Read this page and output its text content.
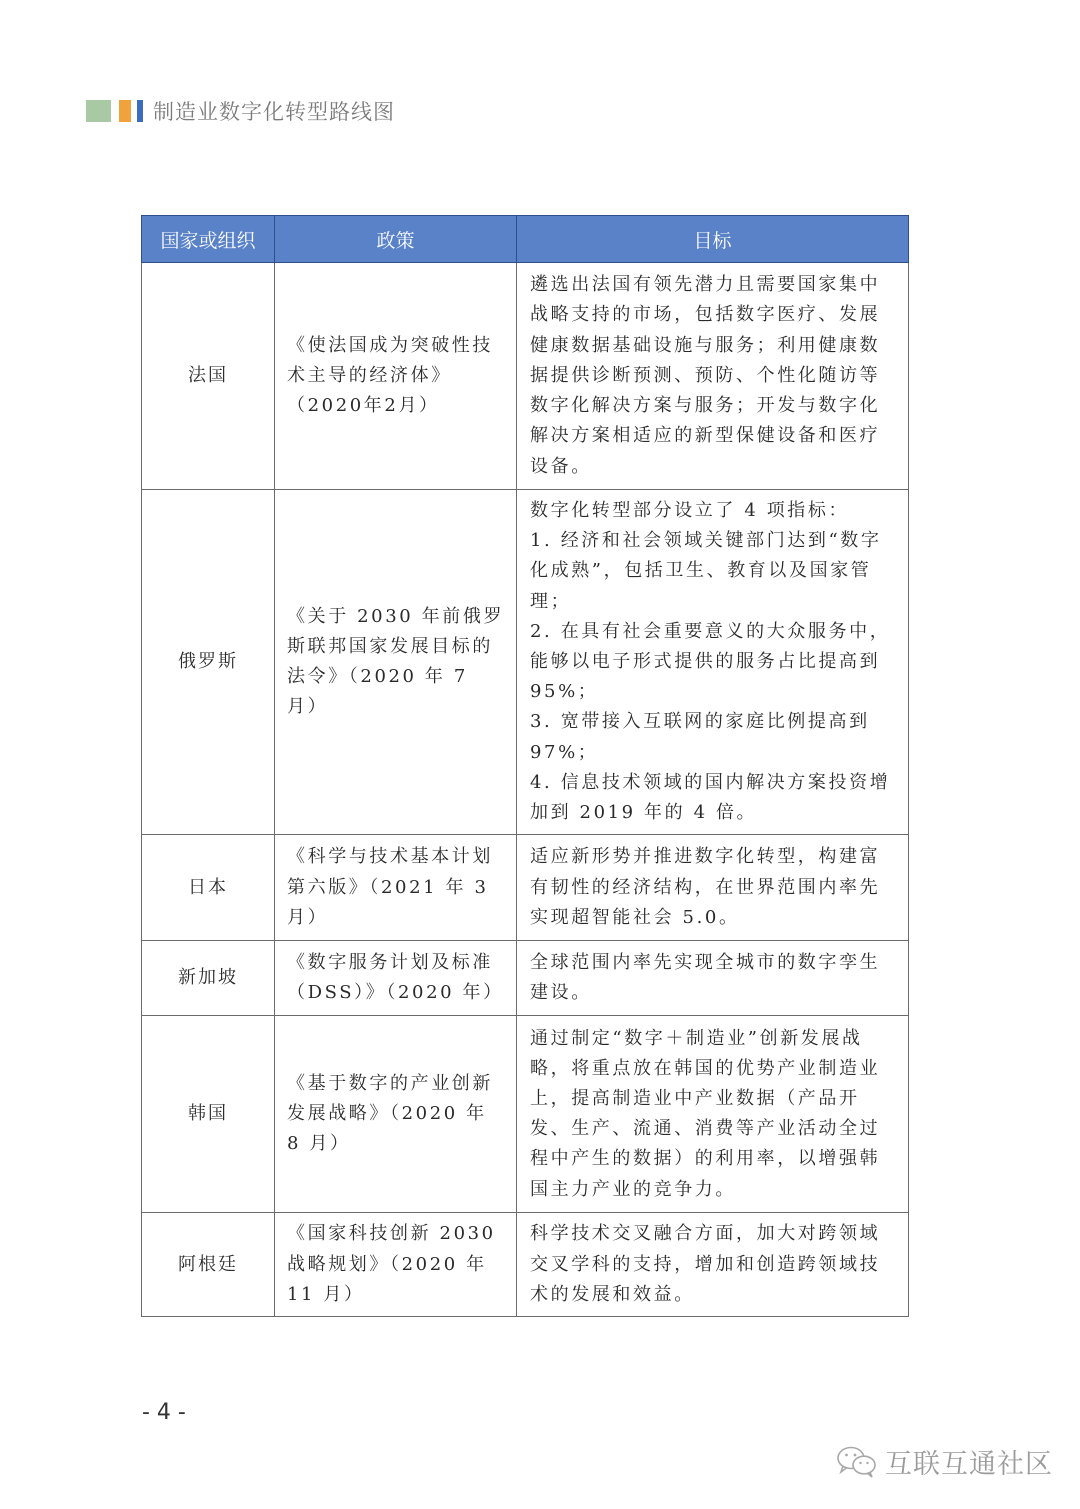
制造业数字化转型路线图
国家或组织	政策	目标
法国	《使法国成为突破性技术主导的经济体》（2020年2月）	遴选出法国有领先潜力且需要国家集中战略支持的市场，包括数字医疗、发展健康数据基础设施与服务；利用健康数据提供诊断预测、预防、个性化随访等数字化解决方案与服务；开发与数字化解决方案相适应的新型保健设备和医疗设备。

俄罗斯	《关于 2030 年前俄罗斯联邦国家发展目标的法令》（2020 年 7 月）	数字化转型部分设立了 4 项指标：
1. 经济和社会领域关键部门达到“数字化成熟”，包括卫生、教育以及国家管理；
2. 在具有社会重要意义的大众服务中，能够以电子形式提供的服务占比提高到95%；
3. 宽带接入互联网的家庭比例提高到97%；
4. 信息技术领域的国内解决方案投资增加到 2019 年的 4 倍。

日本	《科学与技术基本计划第六版》（2021 年 3 月）	适应新形势并推进数字化转型，构建富有韧性的经济结构，在世界范围内率先实现超智能社会 5.0。

新加坡	《数字服务计划及标准（DSS）》（2020 年）	全球范围内率先实现全城市的数字孪生建设。

韩国	《基于数字的产业创新发展战略》（2020 年 8 月）	通过制定“数字＋制造业”创新发展战略，将重点放在韩国的优势产业制造业上，提高制造业中产业数据（产品开发、生产、流通、消费等产业活动全过程中产生的数据）的利用率，以增强韩国主力产业的竞争力。

阿根廷	《国家科技创新 2030 战略规划》（2020 年 11 月）	科学技术交叉融合方面，加大对跨领域交叉学科的支持，增加和创造跨领域技术的发展和效益。
- 4 -
互联互通社区
